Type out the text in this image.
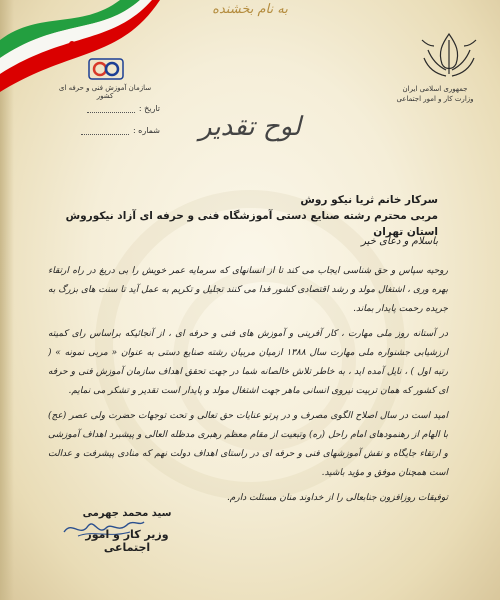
به نام بخشنده
جمهوری اسلامی ایران
وزارت کار و امور اجتماعی
سازمان آموزش فنی و حرفه ای کشور
تاریخ :
شماره :	لوح تقدیر
سرکار خانم ثریا نیکو روش
مربی محترم رشته صنایع دستی آموزشگاه فنی و حرفه ای آزاد نیکوروش استان تهران
باسلام و دعای خیر

روحیه سپاس و حق شناسی ایجاب می کند تا از انسانهای که سرمایه عمر خویش را بی دریغ در راه ارتقاء بهره وری ، اشتغال مولد و رشد اقتصادی کشور فدا می کنند تجلیل و تکریم به عمل آید تا سنت های بزرگ به جریده رحمت پایدار بماند.

در آستانه روز ملی مهارت ، کار آفرینی و آموزش های فنی و حرفه ای ، از آنجائیکه براساس رای کمیته ارزشیابی جشنواره ملی مهارت سال ۱۳۸۸ ازمیان مربیان رشته صنایع دستی به عنوان « مربی نمونه » ( رتبه اول ) ، نایل آمده اید ، به خاطر تلاش خالصانه شما در جهت تحقق اهداف سازمان آموزش فنی و حرفه ای کشور که همان تربیت نیروی انسانی ماهر جهت اشتغال مولد و پایدار است تقدیر و تشکر می نمایم.

امید است در سال اصلاح الگوی مصرف و در پرتو عنایات حق تعالی و تحت توجهات حضرت ولی عصر (عج) با الهام از رهنمودهای امام راحل (ره) وتبعیت از مقام معظم رهبری مدظله العالی و پیشبرد اهداف آموزشی و ارتقاء جایگاه و نقش آموزشهای فنی و حرفه ای در راستای اهداف دولت نهم که منادی پیشرفت و عدالت است همچنان موفق و مؤید باشید.

توفیقات روزافزون جنابعالی را از خداوند منان مسئلت دارم.

سید محمد جهرمی
وزیر کار و امور اجتماعی
